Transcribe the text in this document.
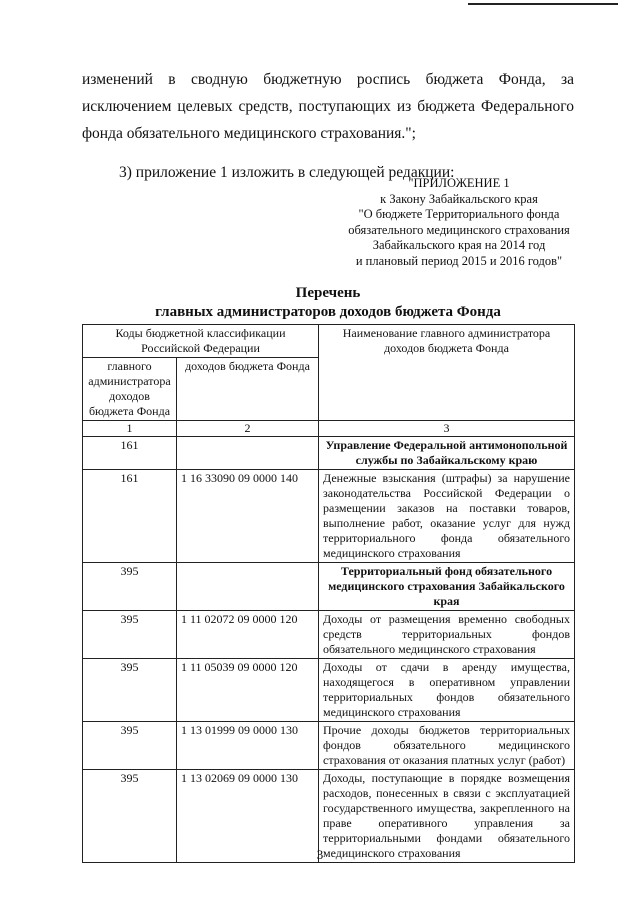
изменений в сводную бюджетную роспись бюджета Фонда, за исключением целевых средств, поступающих из бюджета Федерального фонда обязательного медицинского страхования.";

3) приложение 1 изложить в следующей редакции:

"ПРИЛОЖЕНИЕ 1
к Закону Забайкальского края
"О бюджете Территориального фонда
обязательного медицинского страхования
Забайкальского края на 2014 год
и плановый период 2015 и 2016 годов"
Перечень
главных администраторов доходов бюджета Фонда
Коды бюджетной классификации Российской Федерации		Наименование главного администратора доходов бюджета Фонда
главного администратора доходов бюджета Фонда	доходов бюджета Фонда	
1	2	3
161		Управление Федеральной антимонопольной службы по Забайкальскому краю
161	1 16 33090 09 0000 140	Денежные взыскания (штрафы) за нарушение законодательства Российской Федерации о размещении заказов на поставки товаров, выполнение работ, оказание услуг для нужд территориального фонда обязательного медицинского страхования
395		Территориальный фонд обязательного медицинского страхования Забайкальского края
395	1 11 02072 09 0000 120	Доходы от размещения временно свободных средств территориальных фондов обязательного медицинского страхования
395	1 11 05039 09 0000 120	Доходы от сдачи в аренду имущества, находящегося в оперативном управлении территориальных фондов обязательного медицинского страхования
395	1 13 01999 09 0000 130	Прочие доходы бюджетов территориальных фондов обязательного медицинского страхования от оказания платных услуг (работ)
395	1 13 02069 09 0000 130	Доходы, поступающие в порядке возмещения расходов, понесенных в связи с эксплуатацией государственного имущества, закрепленного на праве оперативного управления за территориальными фондами обязательного медицинского страхования
3
